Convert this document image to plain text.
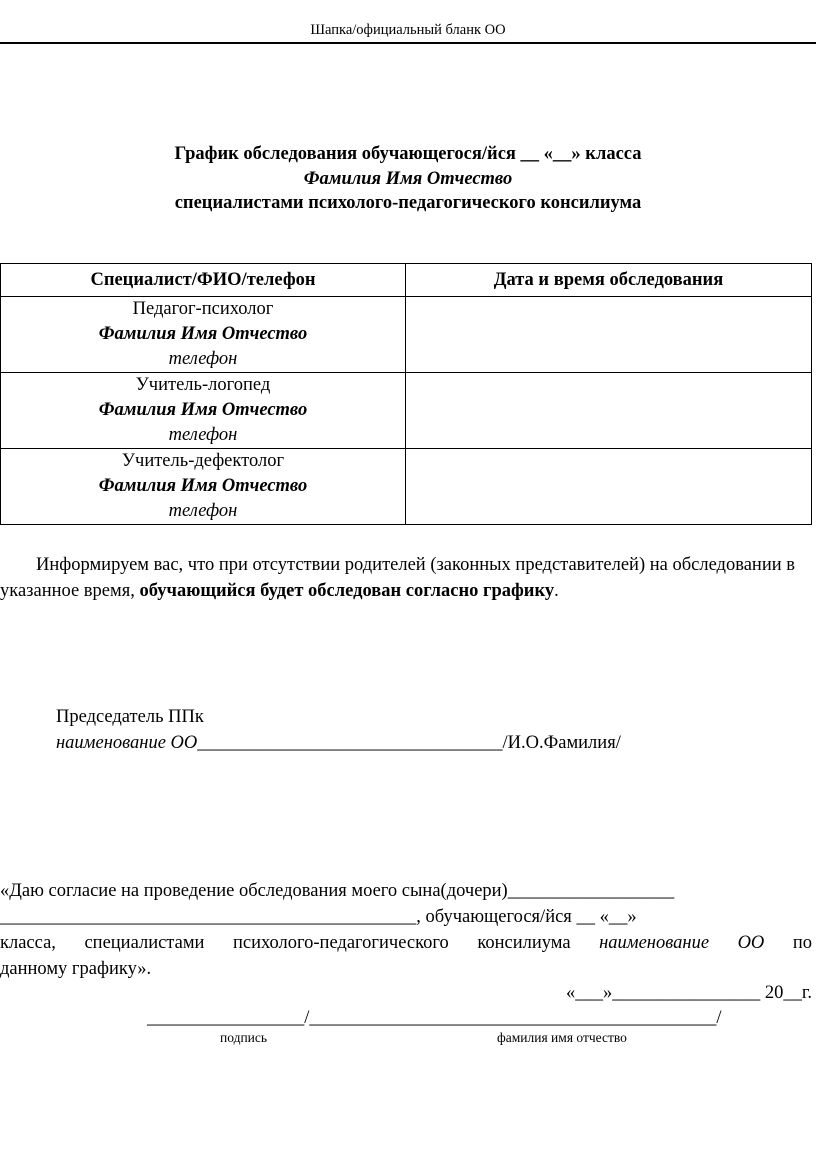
Шапка/официальный бланк ОО
График обследования обучающегося/йся __ «__» класса
Фамилия Имя Отчество
специалистами психолого-педагогического консилиума
Специалист/ФИО/телефон	Дата и время обследования

Педагог-психолог
Фамилия Имя Отчество
телефон	

Учитель-логопед
Фамилия Имя Отчество
телефон	

Учитель-дефектолог
Фамилия Имя Отчество
телефон	

Информируем вас, что при отсутствии родителей (законных представителей) на обследовании в указанное время, обучающийся будет обследован согласно графику.
Председатель ППк
наименование ОО_________________________________/И.О.Фамилия/
«Даю согласие на проведение обследования моего сына(дочери)__________________
_____________________________________________, обучающегося/йся __ «__»
класса, специалистами психолого-педагогического консилиума наименование ОО по
данному графику».
«___»________________ 20__г.
_________________/____________________________________________/
подпись	фамилия имя отчество
